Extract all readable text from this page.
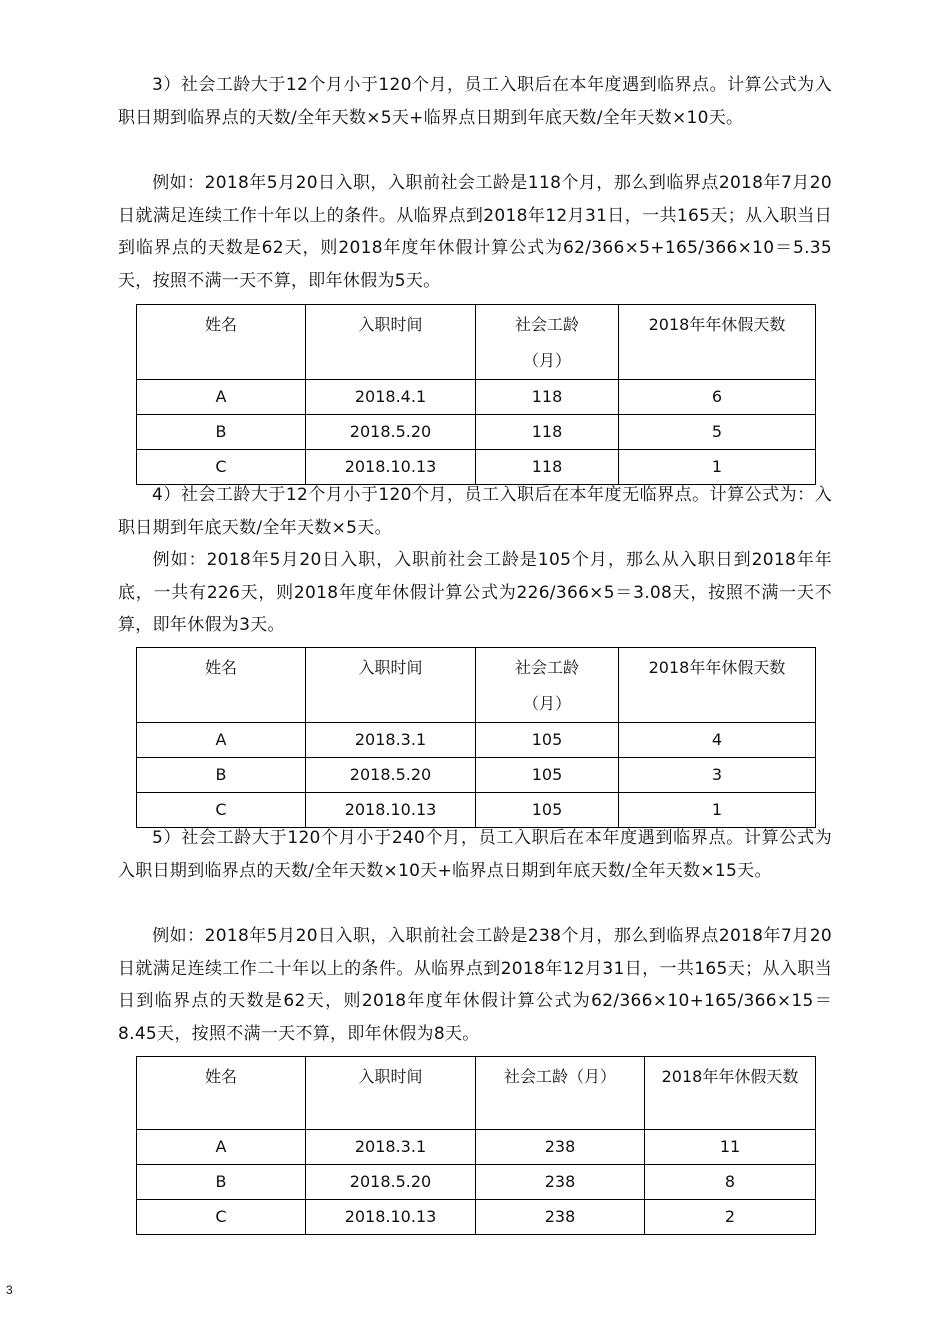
3）社会工龄大于12个月小于120个月，员工入职后在本年度遇到临界点。计算公式为入职日期到临界点的天数/全年天数×5天+临界点日期到年底天数/全年天数×10天。

例如：2018年5月20日入职，入职前社会工龄是118个月，那么到临界点2018年7月20日就满足连续工作十年以上的条件。从临界点到2018年12月31日，一共165天；从入职当日到临界点的天数是62天，则2018年度年休假计算公式为62/366×5+165/366×10＝5.35天，按照不满一天不算，即年休假为5天。

姓名	入职时间	社会工龄（月）	2018年年休假天数
A	2018.4.1	118	6
B	2018.5.20	118	5
C	2018.10.13	118	1

4）社会工龄大于12个月小于120个月，员工入职后在本年度无临界点。计算公式为：入职日期到年底天数/全年天数×5天。

例如：2018年5月20日入职，入职前社会工龄是105个月，那么从入职日到2018年年底，一共有226天，则2018年度年休假计算公式为226/366×5＝3.08天，按照不满一天不算，即年休假为3天。

姓名	入职时间	社会工龄（月）	2018年年休假天数
A	2018.3.1	105	4
B	2018.5.20	105	3
C	2018.10.13	105	1

5）社会工龄大于120个月小于240个月，员工入职后在本年度遇到临界点。计算公式为入职日期到临界点的天数/全年天数×10天+临界点日期到年底天数/全年天数×15天。

例如：2018年5月20日入职，入职前社会工龄是238个月，那么到临界点2018年7月20日就满足连续工作二十年以上的条件。从临界点到2018年12月31日，一共165天；从入职当日到临界点的天数是62天，则2018年度年休假计算公式为62/366×10+165/366×15＝8.45天，按照不满一天不算，即年休假为8天。

姓名	入职时间	社会工龄（月）	2018年年休假天数
A	2018.3.1	238	11
B	2018.5.20	238	8
C	2018.10.13	238	2
3
